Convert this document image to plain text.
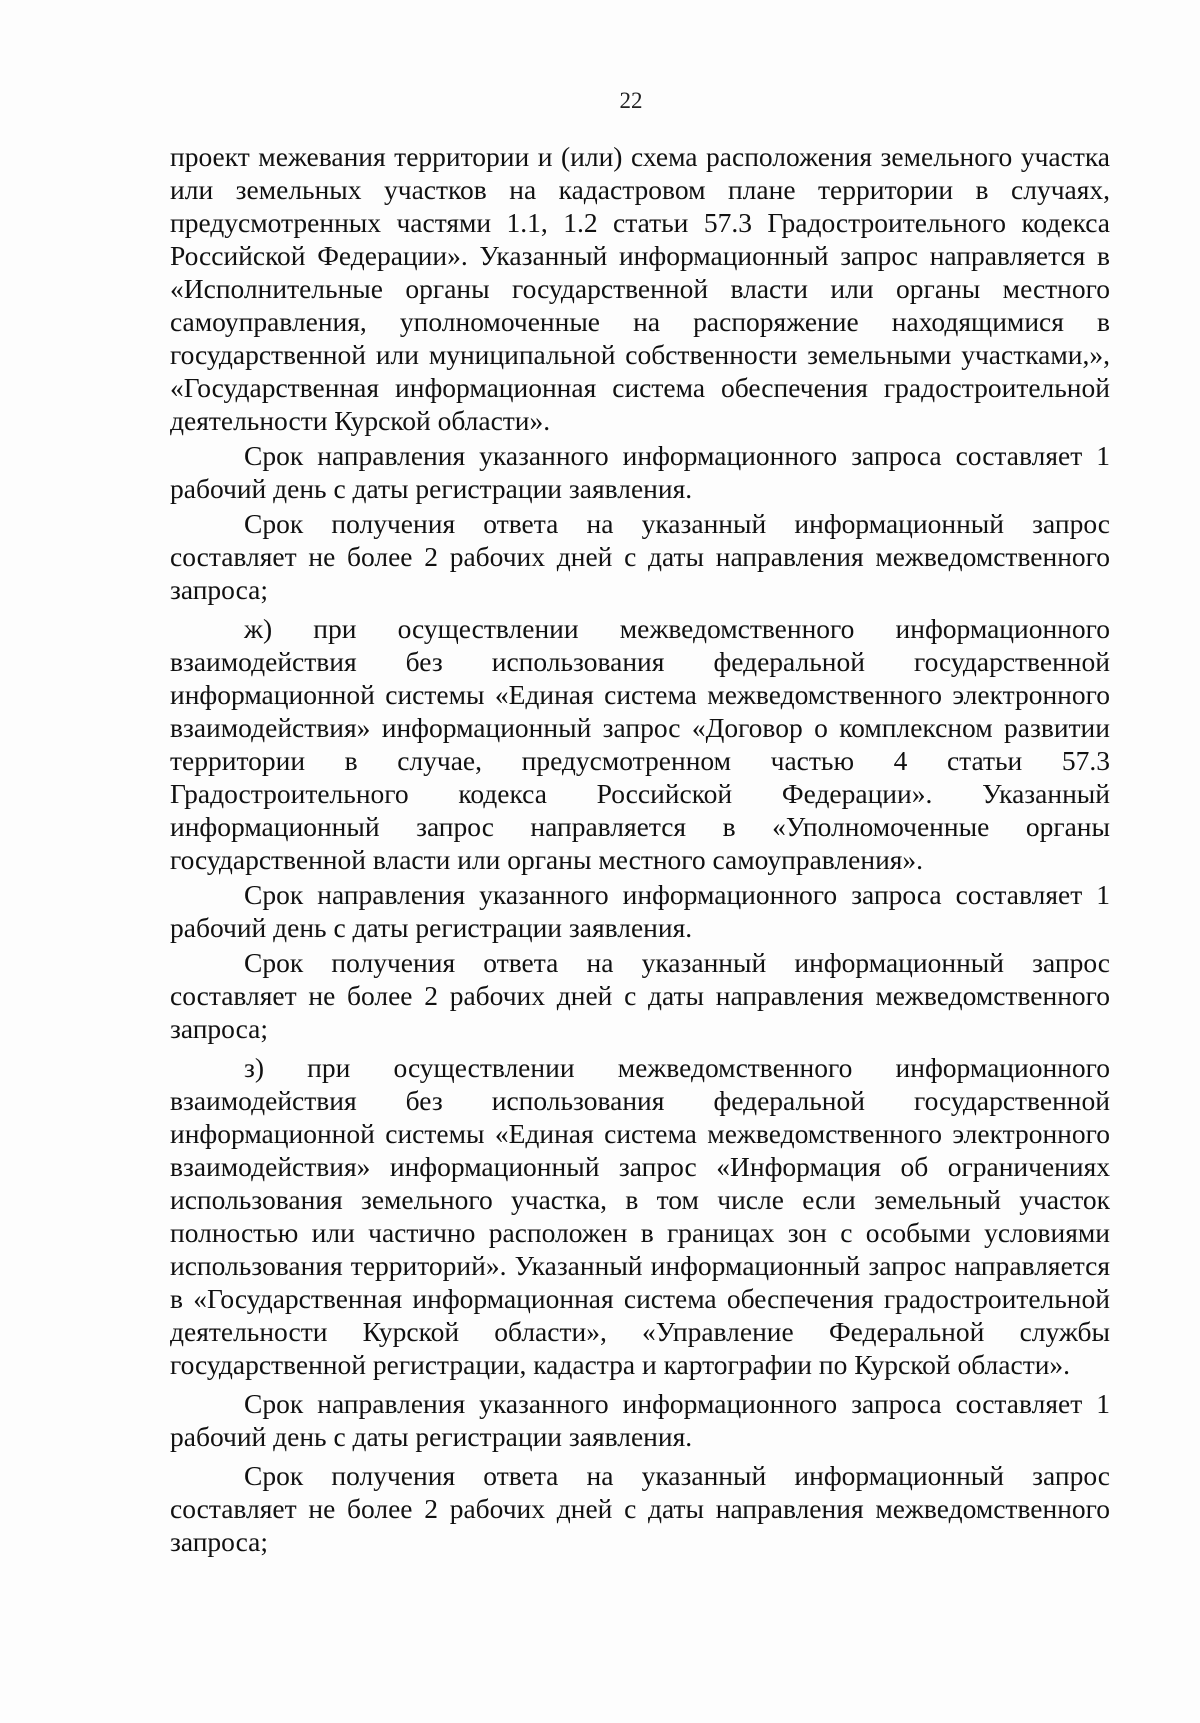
22

проект межевания территории и (или) схема расположения земельного участка или земельных участков на кадастровом плане территории в случаях, предусмотренных частями 1.1, 1.2 статьи 57.3 Градостроительного кодекса Российской Федерации». Указанный информационный запрос направляется в «Исполнительные органы государственной власти или органы местного самоуправления, уполномоченные на распоряжение находящимися в государственной или муниципальной собственности земельными участками,», «Государственная информационная система обеспечения градостроительной деятельности Курской области».

Срок направления указанного информационного запроса составляет 1 рабочий день с даты регистрации заявления.

Срок получения ответа на указанный информационный запрос составляет не более 2 рабочих дней с даты направления межведомственного запроса;

ж) при осуществлении межведомственного информационного взаимодействия без использования федеральной государственной информационной системы «Единая система межведомственного электронного взаимодействия» информационный запрос «Договор о комплексном развитии территории в случае, предусмотренном частью 4 статьи 57.3 Градостроительного кодекса Российской Федерации». Указанный информационный запрос направляется в «Уполномоченные органы государственной власти или органы местного самоуправления».

Срок направления указанного информационного запроса составляет 1 рабочий день с даты регистрации заявления.

Срок получения ответа на указанный информационный запрос составляет не более 2 рабочих дней с даты направления межведомственного запроса;

з) при осуществлении межведомственного информационного взаимодействия без использования федеральной государственной информационной системы «Единая система межведомственного электронного взаимодействия» информационный запрос «Информация об ограничениях использования земельного участка, в том числе если земельный участок полностью или частично расположен в границах зон с особыми условиями использования территорий». Указанный информационный запрос направляется в «Государственная информационная система обеспечения градостроительной деятельности Курской области», «Управление Федеральной службы государственной регистрации, кадастра и картографии по Курской области».

Срок направления указанного информационного запроса составляет 1 рабочий день с даты регистрации заявления.

Срок получения ответа на указанный информационный запрос составляет не более 2 рабочих дней с даты направления межведомственного запроса;
